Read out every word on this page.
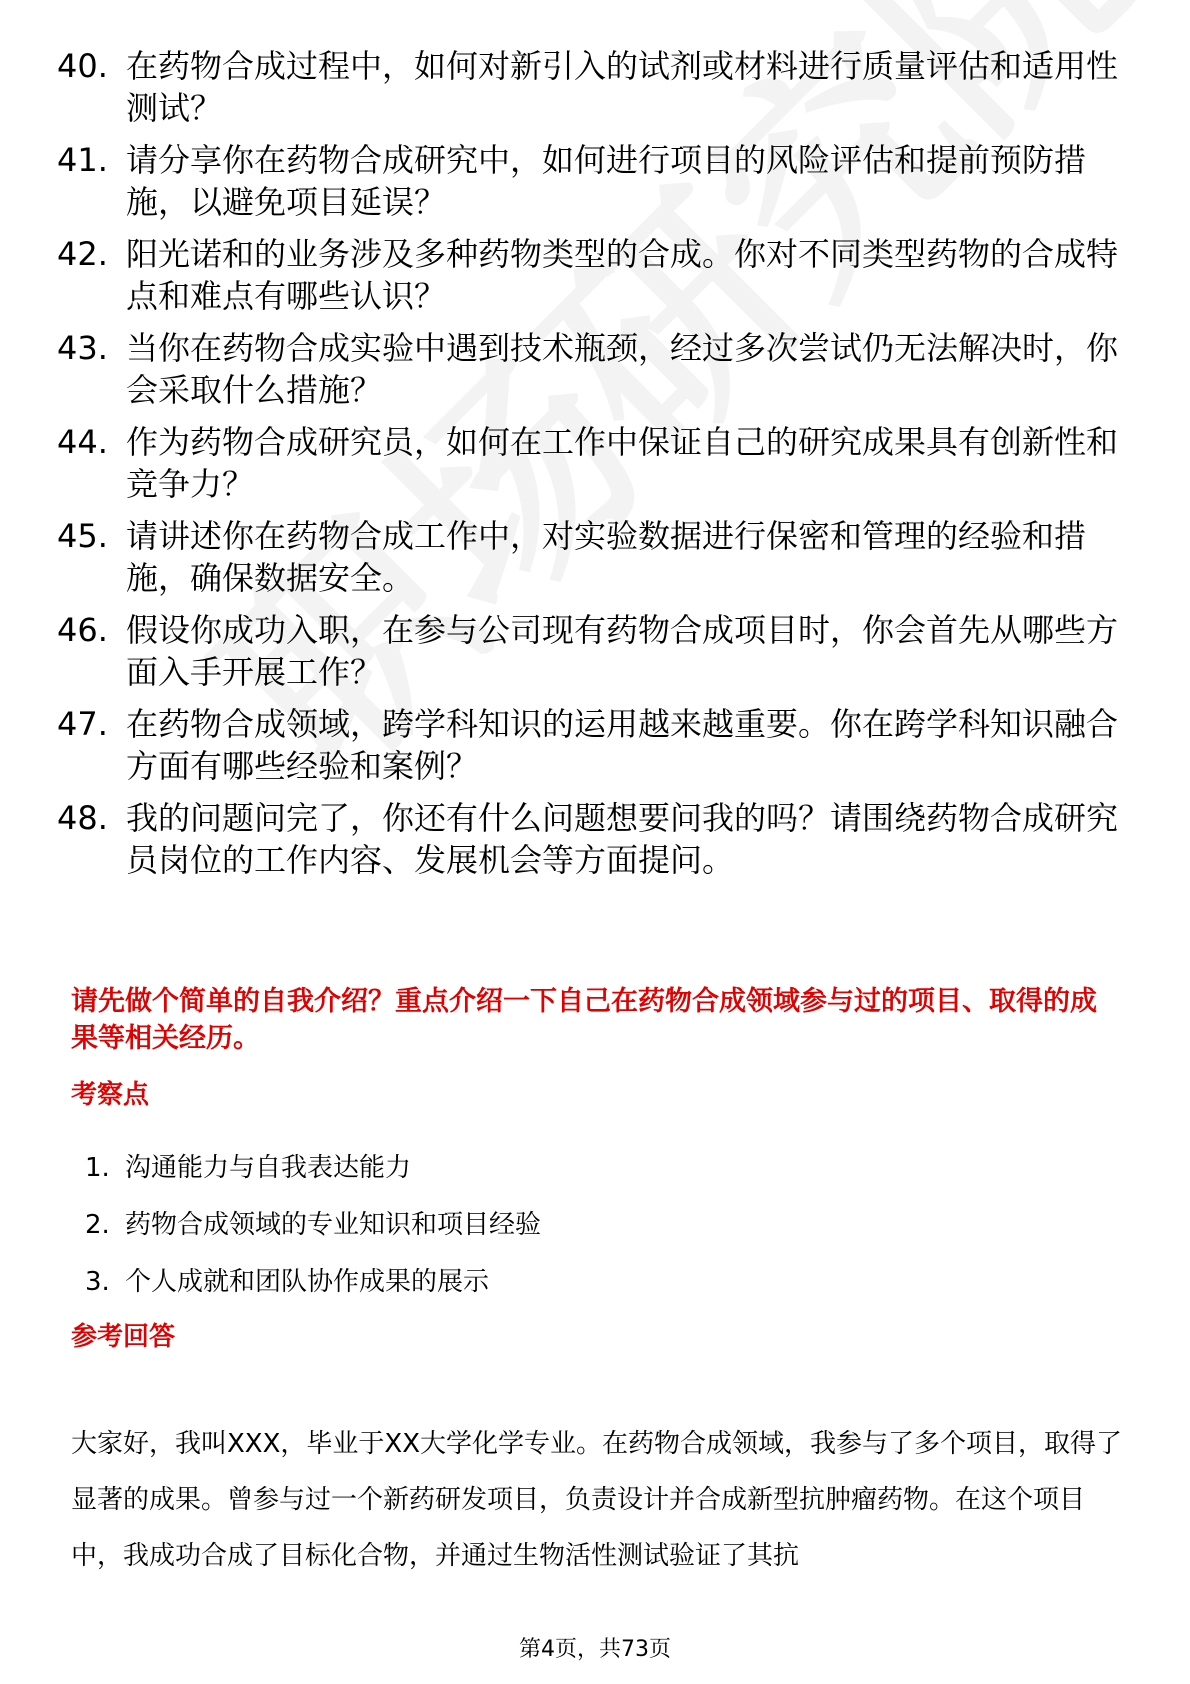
40. 在药物合成过程中，如何对新引入的试剂或材料进行质量评估和适用性测试？
41. 请分享你在药物合成研究中，如何进行项目的风险评估和提前预防措施，以避免项目延误？
42. 阳光诺和的业务涉及多种药物类型的合成。你对不同类型药物的合成特点和难点有哪些认识？
43. 当你在药物合成实验中遇到技术瓶颈，经过多次尝试仍无法解决时，你会采取什么措施？
44. 作为药物合成研究员，如何在工作中保证自己的研究成果具有创新性和竞争力？
45. 请讲述你在药物合成工作中，对实验数据进行保密和管理的经验和措施，确保数据安全。
46. 假设你成功入职，在参与公司现有药物合成项目时，你会首先从哪些方面入手开展工作？
47. 在药物合成领域，跨学科知识的运用越来越重要。你在跨学科知识融合方面有哪些经验和案例？
48. 我的问题问完了，你还有什么问题想要问我的吗？请围绕药物合成研究员岗位的工作内容、发展机会等方面提问。

请先做个简单的自我介绍？重点介绍一下自己在药物合成领域参与过的项目、取得的成果等相关经历。

考察点

1. 沟通能力与自我表达能力
2. 药物合成领域的专业知识和项目经验
3. 个人成就和团队协作成果的展示

参考回答

大家好，我叫XXX，毕业于XX大学化学专业。在药物合成领域，我参与了多个项目，取得了显著的成果。曾参与过一个新药研发项目，负责设计并合成新型抗肿瘤药物。在这个项目中，我成功合成了目标化合物，并通过生物活性测试验证了其抗

第4页，共73页
